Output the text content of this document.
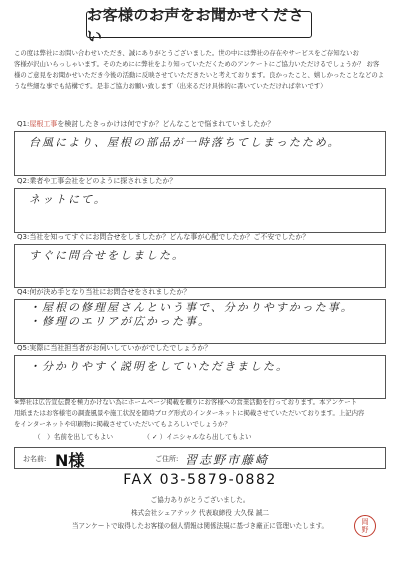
お客様のお声をお聞かせください
この度は弊社にお問い合わせいただき、誠にありがとうございました。世の中には弊社の存在やサービスをご存知ないお
客様が沢山いらっしゃいます。そのためにに弊社をより知っていただくためのアンケートにご協力いただけるでしょうか？ お客
様のご意見をお聞かせいただき今後の活動に反映させていただきたいと考えております。良かったこと、嬉しかったことなどのよ
うな些細な事でも結構です。是非ご協力お願い致します（出来るだけ具体的に書いていただければ幸いです）
Q1:屋根工事を検討したきっかけは何ですか？どんなことで悩まれていましたか？
台風により、屋根の部品が一時落ちてしまったため。
Q2:業者や工事会社をどのように探されましたか？
ネットにて。
Q3:当社を知ってすぐにお問合せをしましたか？どんな事が心配でしたか？ご不安でしたか？
すぐに問合せをしました。
Q4:何が決め手となり当社にお問合せをされましたか？
・屋根の修理屋さんという事で、分かりやすかった事。
・修理のエリアが広かった事。
Q5:実際に当社担当者がお伺いしていかがでしたでしょうか？
・分かりやすく説明をしていただきました。
※弊社は広告宣伝費を極力かけない為にホームページ掲載を頼りにお客様への営業活動を行っております。本アンケート
用紙またはお客様宅の調査風景や施工状況を随時ブログ形式のインターネットに掲載させていただいております。上記内容
をインターネットや印刷物に掲載させていただいてもよろしいでしょうか？
（　）名前を出してもよい	（ ✓ ）イニシャルなら出してもよい
お名前: N様	ご住所: 習志野市藤崎
FAX 03-5879-0882
ご協力ありがとうございました。
株式会社シェアテック 代表取締役 大久保 誠二
当アンケートで取得したお客様の個人情報は関係法規に基づき厳正に管理いたします。	岡
野
